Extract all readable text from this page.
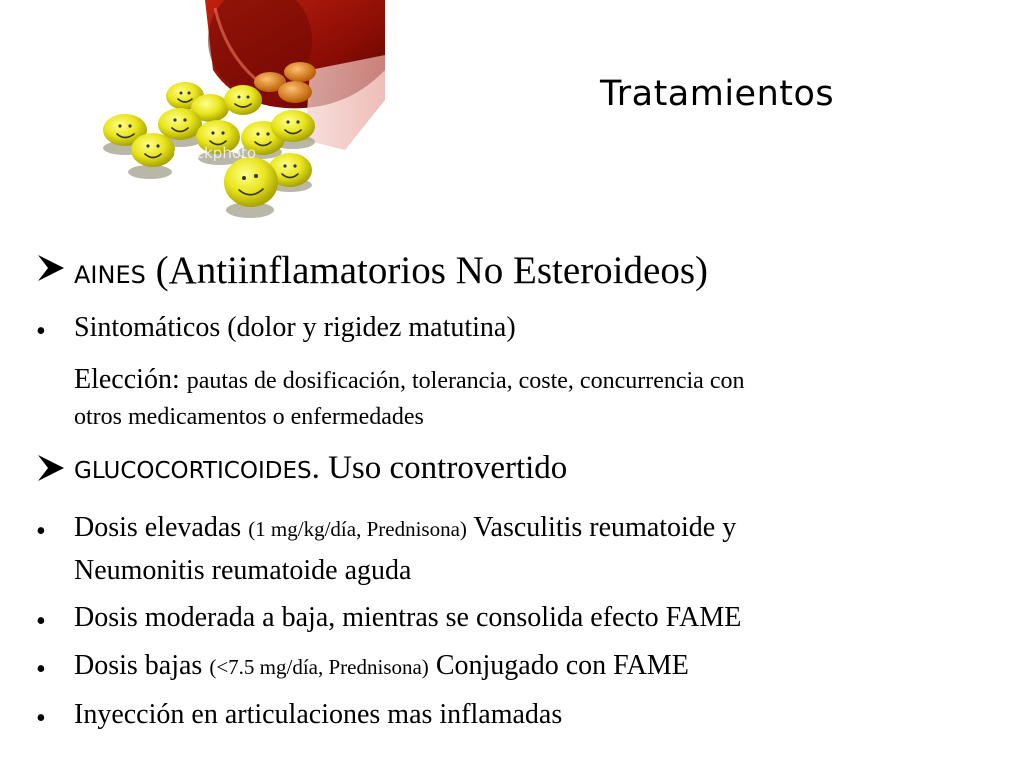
stockphoto
Tratamientos
AINES (Antiinflamatorios No Esteroideos)
• Sintomáticos (dolor y rigidez matutina)
Elección: pautas de dosificación, tolerancia, coste, concurrencia con
otros medicamentos o enfermedades
GLUCOCORTICOIDES. Uso controvertido
• Dosis elevadas (1 mg/kg/día, Prednisona) Vasculitis reumatoide y
Neumonitis reumatoide aguda
• Dosis moderada a baja, mientras se consolida efecto FAME
• Dosis bajas (<7.5 mg/día, Prednisona) Conjugado con FAME
• Inyección en articulaciones mas inflamadas
